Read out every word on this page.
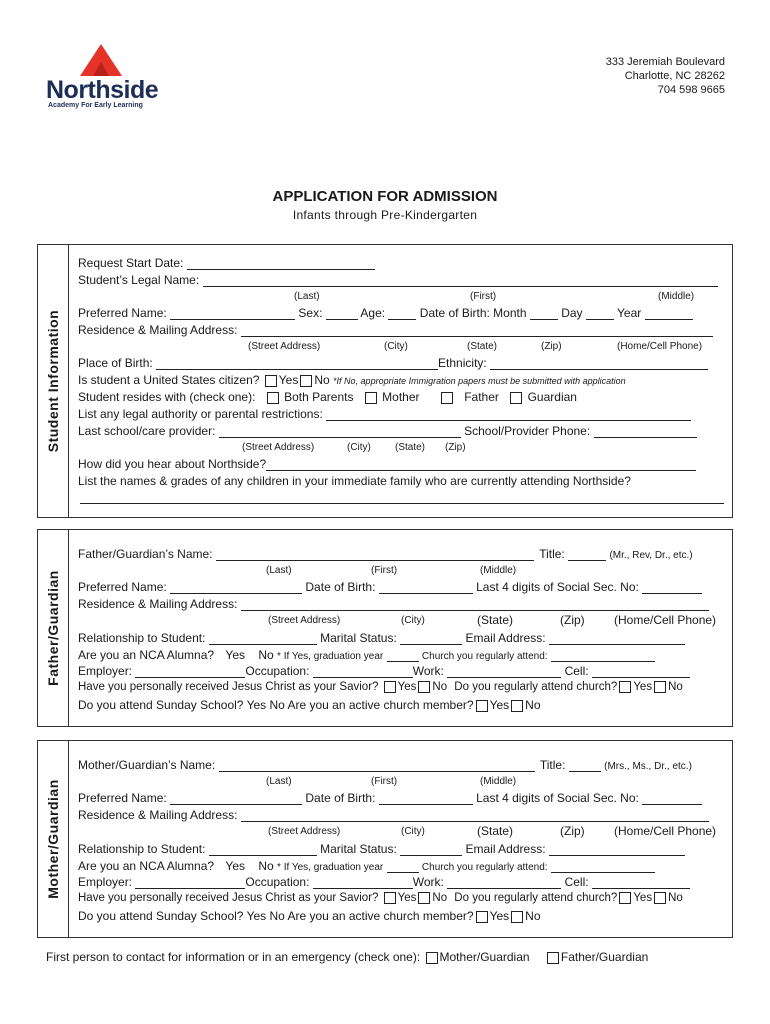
Northside
Academy For Early Learning
333 Jeremiah Boulevard
Charlotte, NC 28262
704 598 9665
APPLICATION FOR ADMISSION
Infants through Pre-Kindergarten
Student Information
Request Start Date:
Student’s Legal Name:
(Last)	(First)	(Middle)
Preferred Name:	Sex:	Age:	Date of Birth: Month	Day	Year
Residence & Mailing Address:
(Street Address)	(City)	(State)	(Zip)	(Home/Cell Phone)
Place of Birth:	Ethnicity:
Is student a United States citizen? Yes No *If No, appropriate Immigration papers must be submitted with application
Student resides with (check one): Both Parents Mother	Father Guardian
List any legal authority or parental restrictions:
Last school/care provider:	School/Provider Phone:
(Street Address)	(City) (State) (Zip)
How did you hear about Northside?
List the names & grades of any children in your immediate family who are currently attending Northside?
Father/Guardian
Father/Guardian’s Name:	Title:	(Mr., Rev, Dr., etc.)
(Last)	(First)	(Middle)
Preferred Name:	Date of Birth:	Last 4 digits of Social Sec. No:
Residence & Mailing Address:
(Street Address)	(City)	(State)	(Zip) (Home/Cell Phone)
Relationship to Student:	Marital Status:	Email Address:
Are you an NCA Alumna? Yes No * If Yes, graduation year	Church you regularly attend:
Employer:	Occupation:	Work:	Cell:
Have you personally received Jesus Christ as your Savior? Yes No Do you regularly attend church? Yes No
Do you attend Sunday School? Yes No Are you an active church member? Yes No
Mother/Guardian
Mother/Guardian’s Name:	Title:	(Mrs., Ms., Dr., etc.)
(Last)	(First)	(Middle)
Preferred Name:	Date of Birth:	Last 4 digits of Social Sec. No:
Residence & Mailing Address:
(Street Address)	(City)	(State)	(Zip) (Home/Cell Phone)
Relationship to Student:	Marital Status:	Email Address:
Are you an NCA Alumna? Yes No * If Yes, graduation year	Church you regularly attend:
Employer:	Occupation:	Work:	Cell:
Have you personally received Jesus Christ as your Savior? Yes No Do you regularly attend church? Yes No
Do you attend Sunday School? Yes No Are you an active church member? Yes No
First person to contact for information or in an emergency (check one): Mother/Guardian	Father/Guardian
